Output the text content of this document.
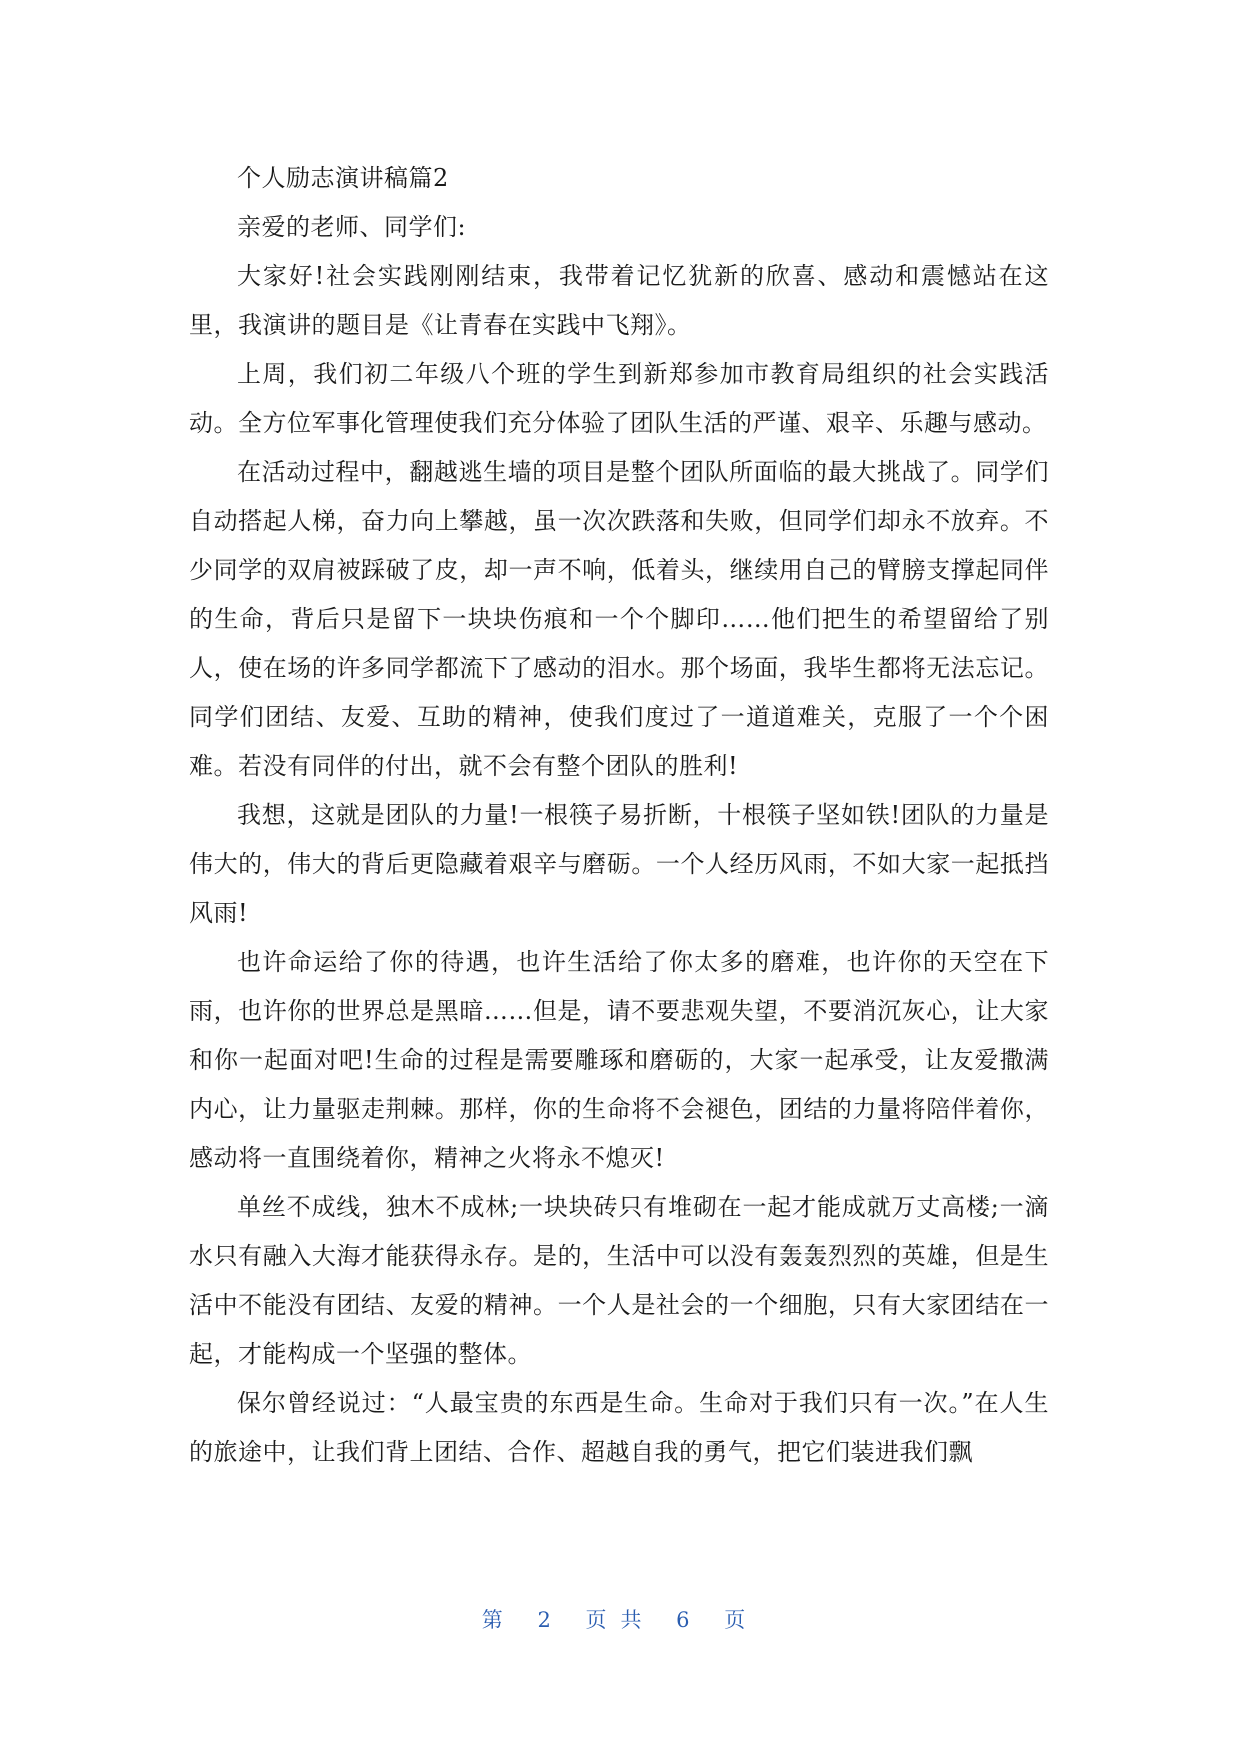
个人励志演讲稿篇2

亲爱的老师、同学们:

大家好!社会实践刚刚结束，我带着记忆犹新的欣喜、感动和震憾站在这里，我演讲的题目是《让青春在实践中飞翔》。

上周，我们初二年级八个班的学生到新郑参加市教育局组织的社会实践活动。全方位军事化管理使我们充分体验了团队生活的严谨、艰辛、乐趣与感动。

在活动过程中，翻越逃生墙的项目是整个团队所面临的最大挑战了。同学们自动搭起人梯，奋力向上攀越，虽一次次跌落和失败，但同学们却永不放弃。不少同学的双肩被踩破了皮，却一声不响，低着头，继续用自己的臂膀支撑起同伴的生命，背后只是留下一块块伤痕和一个个脚印……他们把生的希望留给了别人，使在场的许多同学都流下了感动的泪水。那个场面，我毕生都将无法忘记。同学们团结、友爱、互助的精神，使我们度过了一道道难关，克服了一个个困难。若没有同伴的付出，就不会有整个团队的胜利!

我想，这就是团队的力量!一根筷子易折断，十根筷子坚如铁!团队的力量是伟大的，伟大的背后更隐藏着艰辛与磨砺。一个人经历风雨，不如大家一起抵挡风雨!

也许命运给了你的待遇，也许生活给了你太多的磨难，也许你的天空在下雨，也许你的世界总是黑暗……但是，请不要悲观失望，不要消沉灰心，让大家和你一起面对吧!生命的过程是需要雕琢和磨砺的，大家一起承受，让友爱撒满内心，让力量驱走荆棘。那样，你的生命将不会褪色，团结的力量将陪伴着你，感动将一直围绕着你，精神之火将永不熄灭!

单丝不成线，独木不成林;一块块砖只有堆砌在一起才能成就万丈高楼;一滴水只有融入大海才能获得永存。是的，生活中可以没有轰轰烈烈的英雄，但是生活中不能没有团结、友爱的精神。一个人是社会的一个细胞，只有大家团结在一起，才能构成一个坚强的整体。

保尔曾经说过：“人最宝贵的东西是生命。生命对于我们只有一次。”在人生的旅途中，让我们背上团结、合作、超越自我的勇气，把它们装进我们飘

第 2 页共 6 页
